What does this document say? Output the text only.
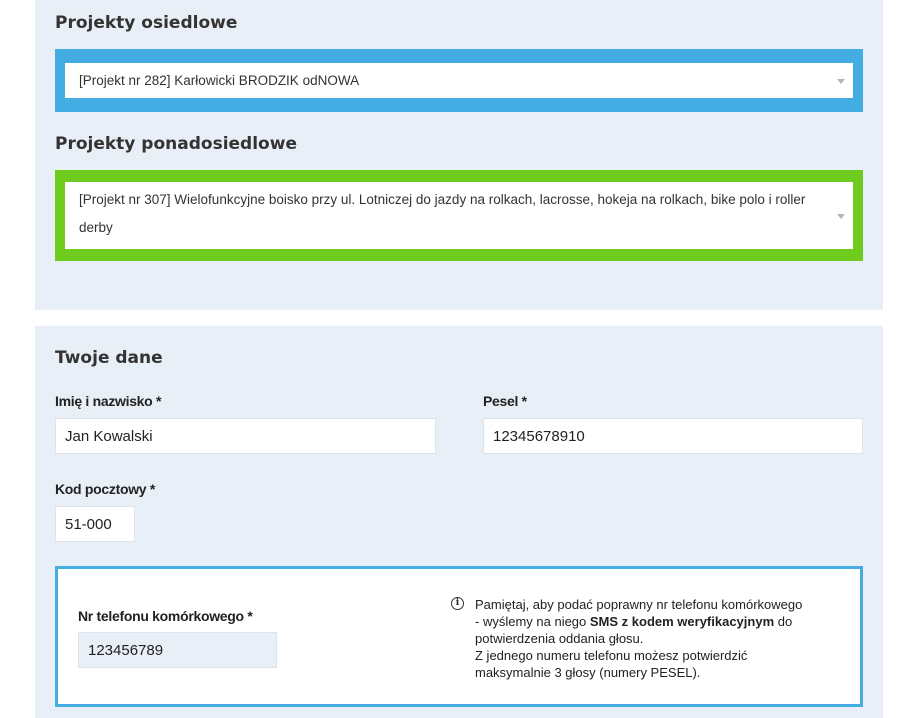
Projekty osiedlowe
[Projekt nr 282] Karłowicki BRODZIK odNOWA
Projekty ponadosiedlowe
[Projekt nr 307] Wielofunkcyjne boisko przy ul. Lotniczej do jazdy na rolkach, lacrosse, hokeja na rolkach, bike polo i roller derby
Twoje dane
Imię i nazwisko *
Jan Kowalski	Pesel *
12345678910
Kod pocztowy *
51-000
Nr telefonu komórkowego *
123456789
i	Pamiętaj, aby podać poprawny nr telefonu komórkowego - wyślemy na niego SMS z kodem weryfikacyjnym do potwierdzenia oddania głosu.
Z jednego numeru telefonu możesz potwierdzić maksymalnie 3 głosy (numery PESEL).
